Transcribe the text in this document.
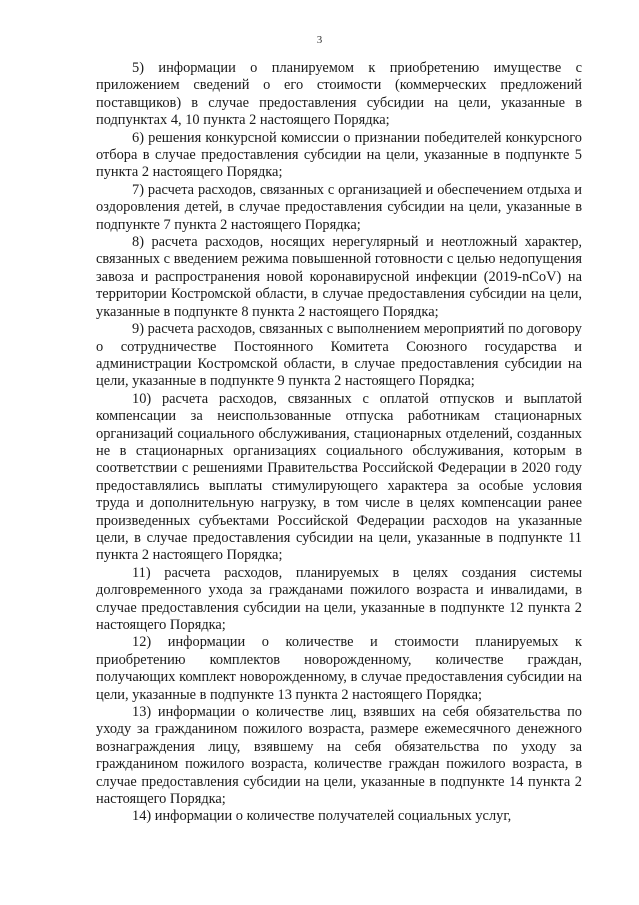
3

5) информации о планируемом к приобретению имуществе с приложением сведений о его стоимости (коммерческих предложений поставщиков) в случае предоставления субсидии на цели, указанные в подпунктах 4, 10 пункта 2 настоящего Порядка;

6) решения конкурсной комиссии о признании победителей конкурсного отбора в случае предоставления субсидии на цели, указанные в подпункте 5 пункта 2 настоящего Порядка;

7) расчета расходов, связанных с организацией и обеспечением отдыха и оздоровления детей, в случае предоставления субсидии на цели, указанные в подпункте 7 пункта 2 настоящего Порядка;

8) расчета расходов, носящих нерегулярный и неотложный характер, связанных с введением режима повышенной готовности с целью недопущения завоза и распространения новой коронавирусной инфекции (2019-nCoV) на территории Костромской области, в случае предоставления субсидии на цели, указанные в подпункте 8 пункта 2 настоящего Порядка;

9) расчета расходов, связанных с выполнением мероприятий по договору о сотрудничестве Постоянного Комитета Союзного государства и администрации Костромской области, в случае предоставления субсидии на цели, указанные в подпункте 9 пункта 2 настоящего Порядка;

10) расчета расходов, связанных с оплатой отпусков и выплатой компенсации за неиспользованные отпуска работникам стационарных организаций социального обслуживания, стационарных отделений, созданных не в стационарных организациях социального обслуживания, которым в соответствии с решениями Правительства Российской Федерации в 2020 году предоставлялись выплаты стимулирующего характера за особые условия труда и дополнительную нагрузку, в том числе в целях компенсации ранее произведенных субъектами Российской Федерации расходов на указанные цели, в случае предоставления субсидии на цели, указанные в подпункте 11 пункта 2 настоящего Порядка;

11) расчета расходов, планируемых в целях создания системы долговременного ухода за гражданами пожилого возраста и инвалидами, в случае предоставления субсидии на цели, указанные в подпункте 12 пункта 2 настоящего Порядка;

12) информации о количестве и стоимости планируемых к приобретению комплектов новорожденному, количестве граждан, получающих комплект новорожденному, в случае предоставления субсидии на цели, указанные в подпункте 13 пункта 2 настоящего Порядка;

13) информации о количестве лиц, взявших на себя обязательства по уходу за гражданином пожилого возраста, размере ежемесячного денежного вознаграждения лицу, взявшему на себя обязательства по уходу за гражданином пожилого возраста, количестве граждан пожилого возраста, в случае предоставления субсидии на цели, указанные в подпункте 14 пункта 2 настоящего Порядка;

14) информации о количестве получателей социальных услуг,
